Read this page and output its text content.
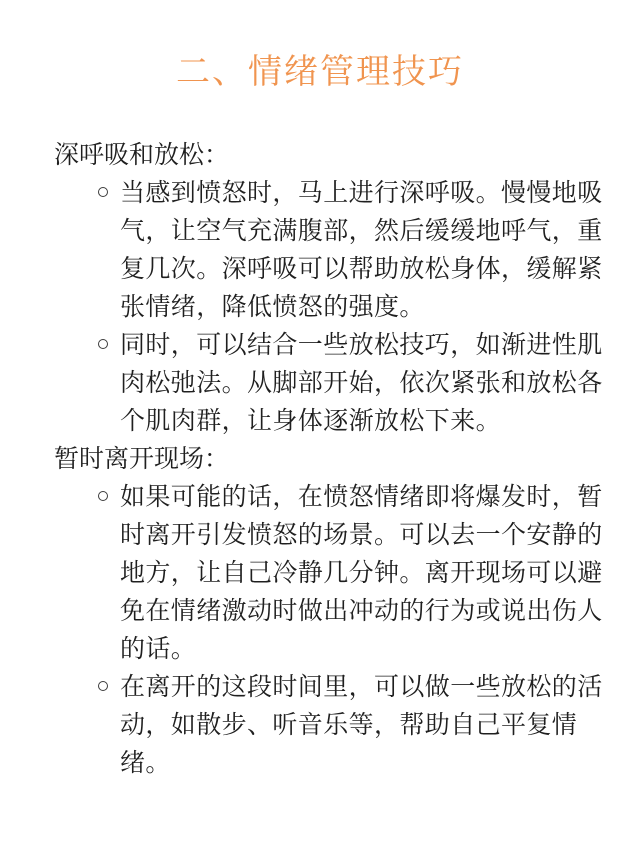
二、情绪管理技巧

深呼吸和放松：

当感到愤怒时，马上进行深呼吸。慢慢地吸气，让空气充满腹部，然后缓缓地呼气，重复几次。深呼吸可以帮助放松身体，缓解紧张情绪，降低愤怒的强度。
同时，可以结合一些放松技巧，如渐进性肌肉松弛法。从脚部开始，依次紧张和放松各个肌肉群，让身体逐渐放松下来。

暂时离开现场：

如果可能的话，在愤怒情绪即将爆发时，暂时离开引发愤怒的场景。可以去一个安静的地方，让自己冷静几分钟。离开现场可以避免在情绪激动时做出冲动的行为或说出伤人的话。
在离开的这段时间里，可以做一些放松的活动，如散步、听音乐等，帮助自己平复情绪。
